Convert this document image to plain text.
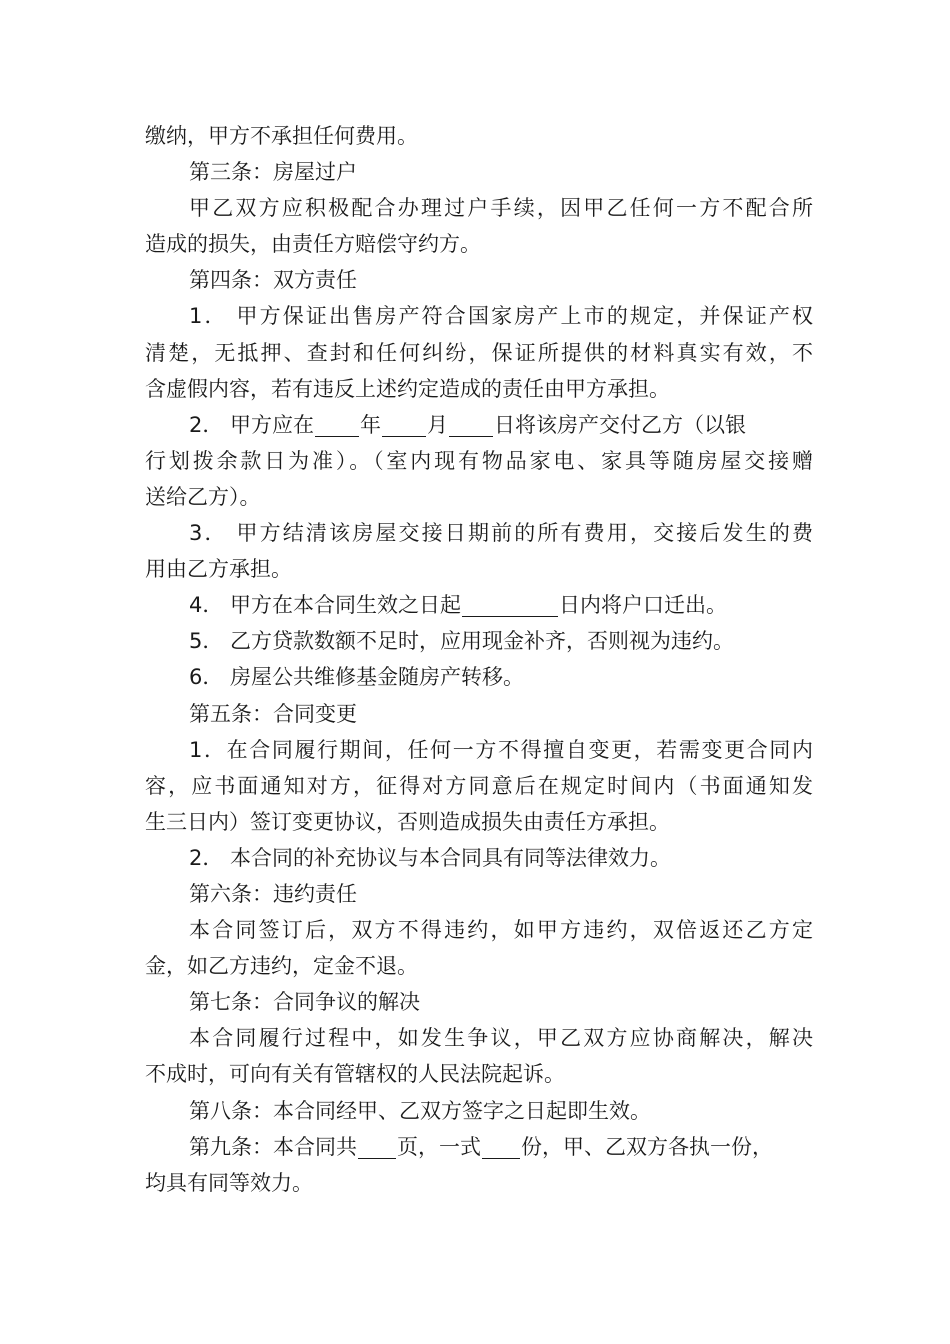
缴纳，甲方不承担任何费用。
第三条：房屋过户
甲乙双方应积极配合办理过户手续，因甲乙任何一方不配合所
造成的损失，由责任方赔偿守约方。
第四条：双方责任
1． 甲方保证出售房产符合国家房产上市的规定，并保证产权
清楚，无抵押、查封和任何纠纷，保证所提供的材料真实有效，不
含虚假内容，若有违反上述约定造成的责任由甲方承担。
2． 甲方应在 年 月 日将该房产交付乙方（以银
行划拨余款日为准）。（室内现有物品家电、家具等随房屋交接赠
送给乙方）。
3． 甲方结清该房屋交接日期前的所有费用，交接后发生的费
用由乙方承担。
4． 甲方在本合同生效之日起	日内将户口迁出。
5． 乙方贷款数额不足时，应用现金补齐，否则视为违约。
6． 房屋公共维修基金随房产转移。
第五条：合同变更
1．在合同履行期间，任何一方不得擅自变更，若需变更合同内
容，应书面通知对方，征得对方同意后在规定时间内（书面通知发
生三日内）签订变更协议，否则造成损失由责任方承担。
2． 本合同的补充协议与本合同具有同等法律效力。
第六条：违约责任
本合同签订后，双方不得违约，如甲方违约，双倍返还乙方定
金，如乙方违约，定金不退。
第七条：合同争议的解决
本合同履行过程中，如发生争议，甲乙双方应协商解决，解决
不成时，可向有关有管辖权的人民法院起诉。
第八条：本合同经甲、乙双方签字之日起即生效。
第九条：本合同共 页，一式 份，甲、乙双方各执一份，
均具有同等效力。
